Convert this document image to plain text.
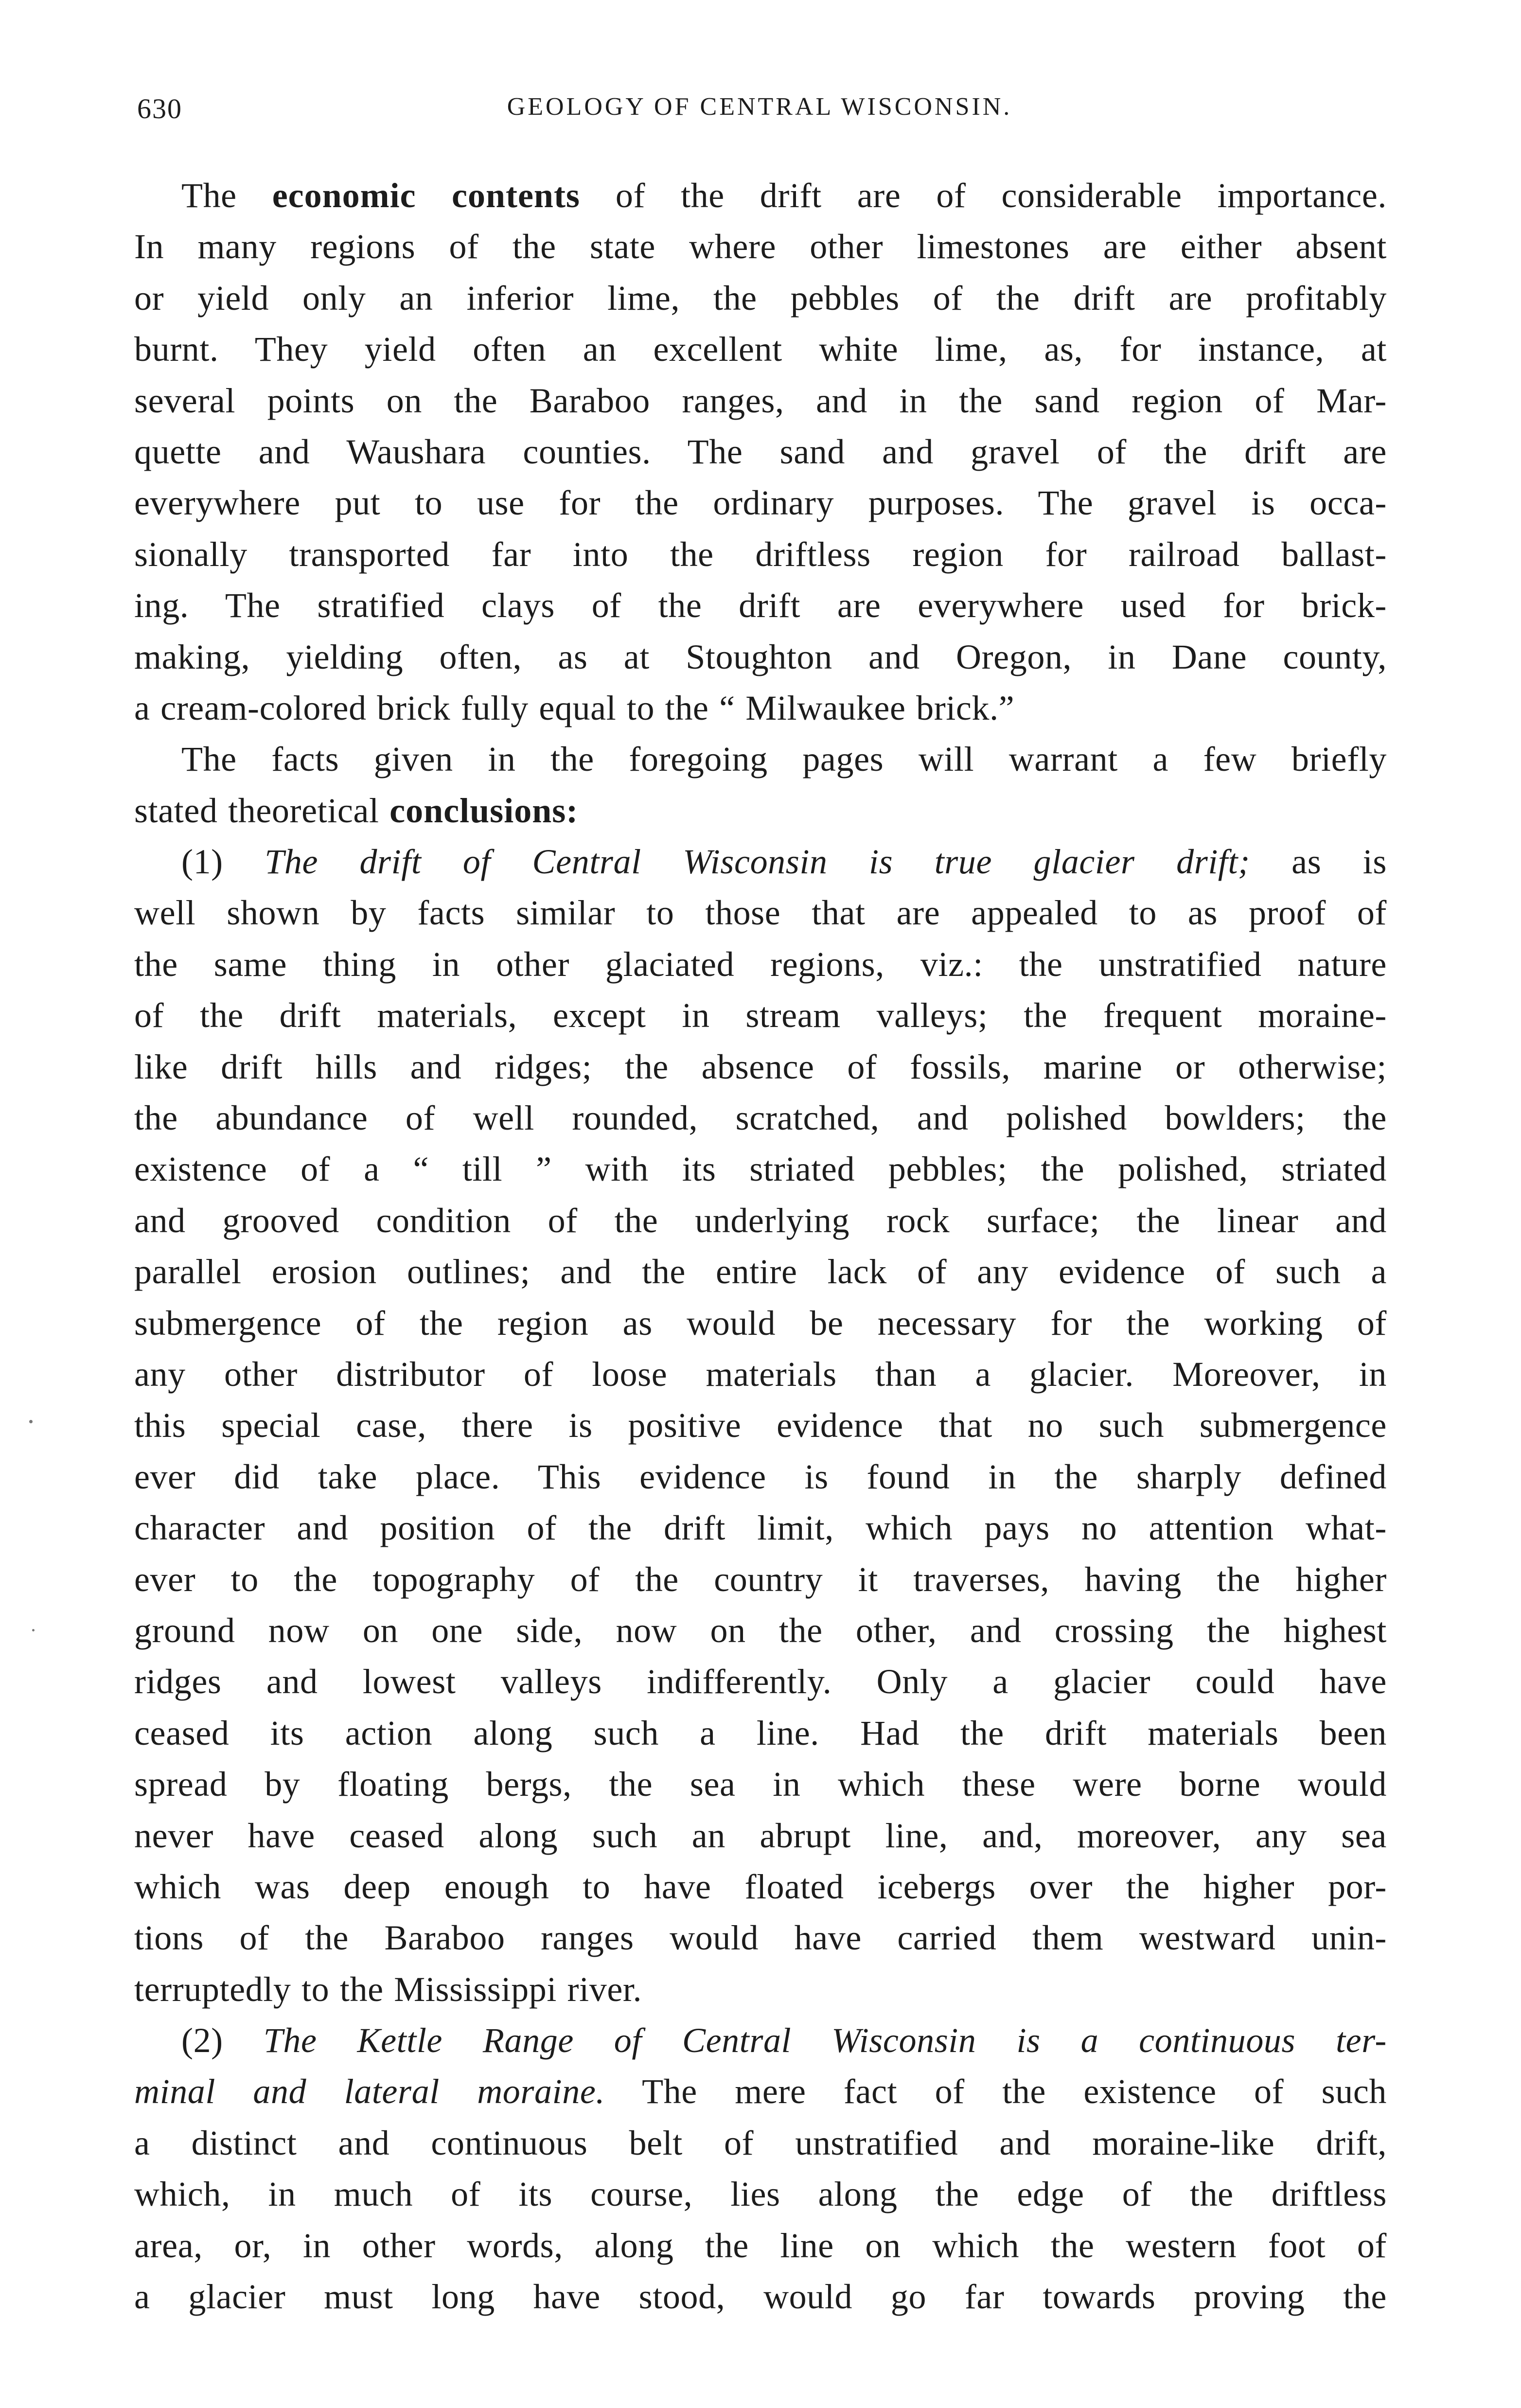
630	GEOLOGY OF CENTRAL WISCONSIN.
The economic contents of the drift are of considerable importance.
In many regions of the state where other limestones are either absent
or yield only an inferior lime, the pebbles of the drift are profitably
burnt. They yield often an excellent white lime, as, for instance, at
several points on the Baraboo ranges, and in the sand region of Mar-
quette and Waushara counties. The sand and gravel of the drift are
everywhere put to use for the ordinary purposes. The gravel is occa-
sionally transported far into the driftless region for railroad ballast-
ing. The stratified clays of the drift are everywhere used for brick-
making, yielding often, as at Stoughton and Oregon, in Dane county,
a cream-colored brick fully equal to the “ Milwaukee brick.”
The facts given in the foregoing pages will warrant a few briefly
stated theoretical conclusions:
(1) The drift of Central Wisconsin is true glacier drift; as is
well shown by facts similar to those that are appealed to as proof of
the same thing in other glaciated regions, viz.: the unstratified nature
of the drift materials, except in stream valleys; the frequent moraine-
like drift hills and ridges; the absence of fossils, marine or otherwise;
the abundance of well rounded, scratched, and polished bowlders; the
existence of a “ till ” with its striated pebbles; the polished, striated
and grooved condition of the underlying rock surface; the linear and
parallel erosion outlines; and the entire lack of any evidence of such a
submergence of the region as would be necessary for the working of
any other distributor of loose materials than a glacier. Moreover, in
this special case, there is positive evidence that no such submergence
ever did take place. This evidence is found in the sharply defined
character and position of the drift limit, which pays no attention what-
ever to the topography of the country it traverses, having the higher
ground now on one side, now on the other, and crossing the highest
ridges and lowest valleys indifferently. Only a glacier could have
ceased its action along such a line. Had the drift materials been
spread by floating bergs, the sea in which these were borne would
never have ceased along such an abrupt line, and, moreover, any sea
which was deep enough to have floated icebergs over the higher por-
tions of the Baraboo ranges would have carried them westward unin-
terruptedly to the Mississippi river.
(2) The Kettle Range of Central Wisconsin is a continuous ter-
minal and lateral moraine. The mere fact of the existence of such
a distinct and continuous belt of unstratified and moraine-like drift,
which, in much of its course, lies along the edge of the driftless
area, or, in other words, along the line on which the western foot of
a glacier must long have stood, would go far towards proving the
